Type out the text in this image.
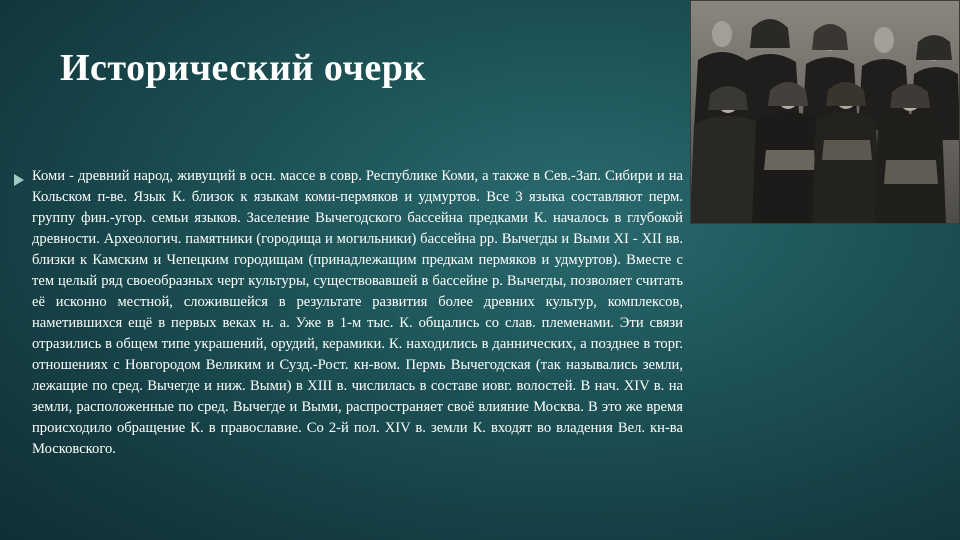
Исторический очерк

Коми - древний народ, живущий в осн. массе в совр. Республике Коми, а также в Сев.-Зап. Сибири и на Кольском п-ве. Язык К. близок к языкам коми-пермяков и удмуртов. Все 3 языка составляют перм. группу фин.-угор. семьи языков. Заселение Вычегодского бассейна предками К. началось в глубокой древности. Археологич. памятники (городища и могильники) бассейна рр. Вычегды и Выми XI - XII вв. близки к Камским и Чепецким городищам (принадлежащим предкам пермяков и удмуртов). Вместе с тем целый ряд своеобразных черт культуры, существовавшей в бассейне р. Вычегды, позволяет считать её исконно местной, сложившейся в результате развития более древних культур, комплексов, наметившихся ещё в первых веках н. а. Уже в 1-м тыс. К. общались со слав. племенами. Эти связи отразились в общем типе украшений, орудий, керамики. К. находились в даннических, а позднее в торг. отношениях с Новгородом Великим и Сузд.-Рост. кн-вом. Пермь Вычегодская (так назывались земли, лежащие по сред. Вычегде и ниж. Выми) в XIII в. числилась в составе иовг. волостей. В нач. XIV в. на земли, расположенные по сред. Вычегде и Выми, распространяет своё влияние Москва. В это же время происходило обращение К. в православие. Со 2-й пол. XIV в. земли К. входят во владения Вел. кн-ва Московского.
